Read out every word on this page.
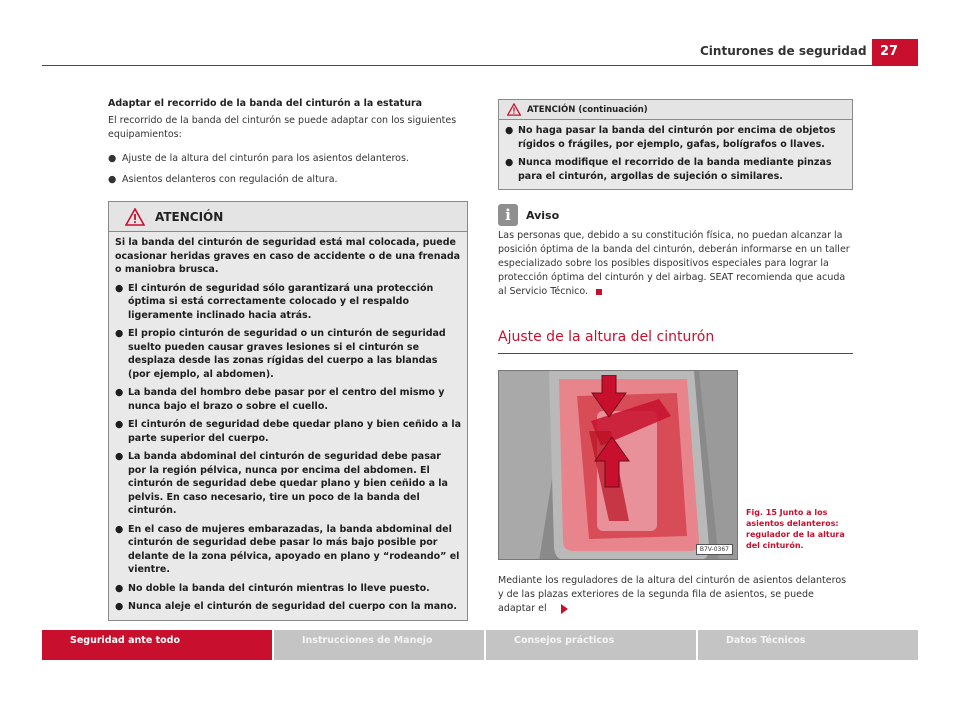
Cinturones de seguridad	27
Adaptar el recorrido de la banda del cinturón a la estatura
El recorrido de la banda del cinturón se puede adaptar con los siguientes equipamientos:
● Ajuste de la altura del cinturón para los asientos delanteros.
● Asientos delanteros con regulación de altura.
ATENCIÓN

Si la banda del cinturón de seguridad está mal colocada, puede ocasionar heridas graves en caso de accidente o de una frenada o maniobra brusca.

● El cinturón de seguridad sólo garantizará una protección óptima si está correctamente colocado y el respaldo ligeramente inclinado hacia atrás.
● El propio cinturón de seguridad o un cinturón de seguridad suelto pueden causar graves lesiones si el cinturón se desplaza desde las zonas rígidas del cuerpo a las blandas (por ejemplo, al abdomen).
● La banda del hombro debe pasar por el centro del mismo y nunca bajo el brazo o sobre el cuello.
● El cinturón de seguridad debe quedar plano y bien ceñido a la parte superior del cuerpo.
● La banda abdominal del cinturón de seguridad debe pasar por la región pélvica, nunca por encima del abdomen. El cinturón de seguridad debe quedar plano y bien ceñido a la pelvis. En caso necesario, tire un poco de la banda del cinturón.
● En el caso de mujeres embarazadas, la banda abdominal del cinturón de seguridad debe pasar lo más bajo posible por delante de la zona pélvica, apoyado en plano y “rodeando” el vientre.
● No doble la banda del cinturón mientras lo lleve puesto.
● Nunca aleje el cinturón de seguridad del cuerpo con la mano.
ATENCIÓN (continuación)
● No haga pasar la banda del cinturón por encima de objetos rígidos o frágiles, por ejemplo, gafas, bolígrafos o llaves.
● Nunca modifique el recorrido de la banda mediante pinzas para el cinturón, argollas de sujeción o similares.
i	Aviso
Las personas que, debido a su constitución física, no puedan alcanzar la posición óptima de la banda del cinturón, deberán informarse en un taller especializado sobre los posibles dispositivos especiales para lograr la protección óptima del cinturón y del airbag. SEAT recomienda que acuda al Servicio Técnico.
Ajuste de la altura del cinturón
B7V-0367
Fig. 15 Junto a los asientos delanteros: regulador de la altura del cinturón.
Mediante los reguladores de la altura del cinturón de asientos delanteros y de las plazas exteriores de la segunda fila de asientos, se puede adaptar el
Seguridad ante todo	Instrucciones de Manejo	Consejos prácticos	Datos Técnicos
